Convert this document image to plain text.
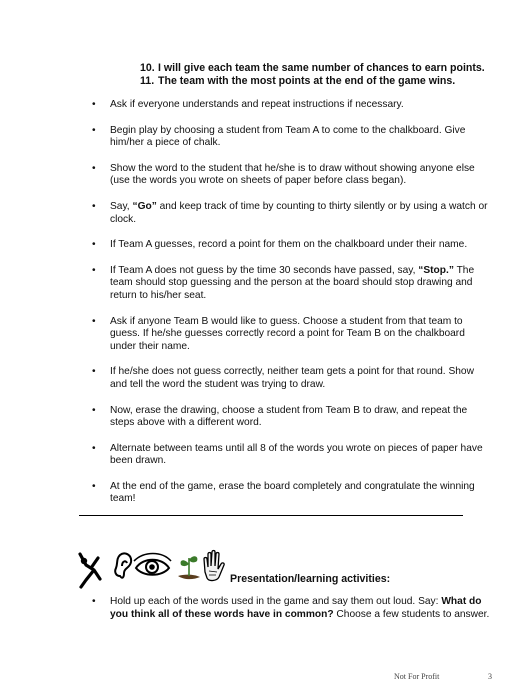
10. I will give each team the same number of chances to earn points.
11. The team with the most points at the end of the game wins.
• Ask if everyone understands and repeat instructions if necessary.

• Begin play by choosing a student from Team A to come to the chalkboard. Give him/her a piece of chalk.

• Show the word to the student that he/she is to draw without showing anyone else (use the words you wrote on sheets of paper before class began).

• Say, “Go” and keep track of time by counting to thirty silently or by using a watch or clock.

• If Team A guesses, record a point for them on the chalkboard under their name.

• If Team A does not guess by the time 30 seconds have passed, say, “Stop.” The team should stop guessing and the person at the board should stop drawing and return to his/her seat.

• Ask if anyone Team B would like to guess. Choose a student from that team to guess. If he/she guesses correctly record a point for Team B on the chalkboard under their name.

• If he/she does not guess correctly, neither team gets a point for that round. Show and tell the word the student was trying to draw.

• Now, erase the drawing, choose a student from Team B to draw, and repeat the steps above with a different word.

• Alternate between teams until all 8 of the words you wrote on pieces of paper have been drawn.

• At the end of the game, erase the board completely and congratulate the winning team!

Presentation/learning activities:
• Hold up each of the words used in the game and say them out loud. Say: What do you think all of these words have in common? Choose a few students to answer.

Not For Profit	3
